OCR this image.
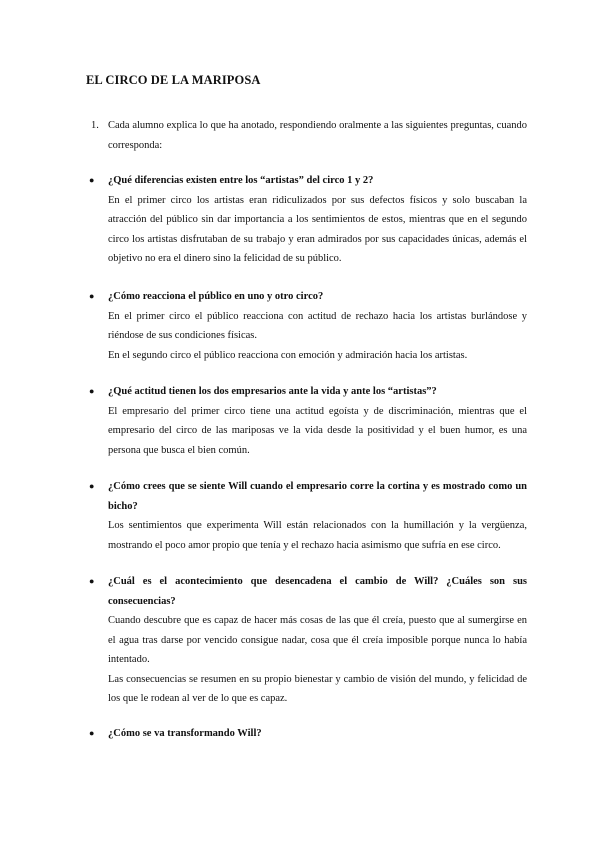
EL CIRCO DE LA MARIPOSA
1. Cada alumno explica lo que ha anotado, respondiendo oralmente a las siguientes preguntas, cuando corresponda:
● ¿Qué diferencias existen entre los “artistas” del circo 1 y 2?

En el primer circo los artistas eran ridiculizados por sus defectos físicos y solo buscaban la atracción del público sin dar importancia a los sentimientos de estos, mientras que en el segundo circo los artistas disfrutaban de su trabajo y eran admirados por sus capacidades únicas, además el objetivo no era el dinero sino la felicidad de su público.

● ¿Cómo reacciona el público en uno y otro circo?

En el primer circo el público reacciona con actitud de rechazo hacia los artistas burlándose y riéndose de sus condiciones físicas.

En el segundo circo el público reacciona con emoción y admiración hacia los artistas.

● ¿Qué actitud tienen los dos empresarios ante la vida y ante los “artistas”?

El empresario del primer circo tiene una actitud egoísta y de discriminación, mientras que el empresario del circo de las mariposas ve la vida desde la positividad y el buen humor, es una persona que busca el bien común.

● ¿Cómo crees que se siente Will cuando el empresario corre la cortina y es mostrado como un bicho?

Los sentimientos que experimenta Will están relacionados con la humillación y la vergüenza, mostrando el poco amor propio que tenía y el rechazo hacia asimismo que sufría en ese circo.

● ¿Cuál es el acontecimiento que desencadena el cambio de Will? ¿Cuáles son sus consecuencias?

Cuando descubre que es capaz de hacer más cosas de las que él creía, puesto que al sumergirse en el agua tras darse por vencido consigue nadar, cosa que él creía imposible porque nunca lo había intentado.

Las consecuencias se resumen en su propio bienestar y cambio de visión del mundo, y felicidad de los que le rodean al ver de lo que es capaz.

● ¿Cómo se va transformando Will?
